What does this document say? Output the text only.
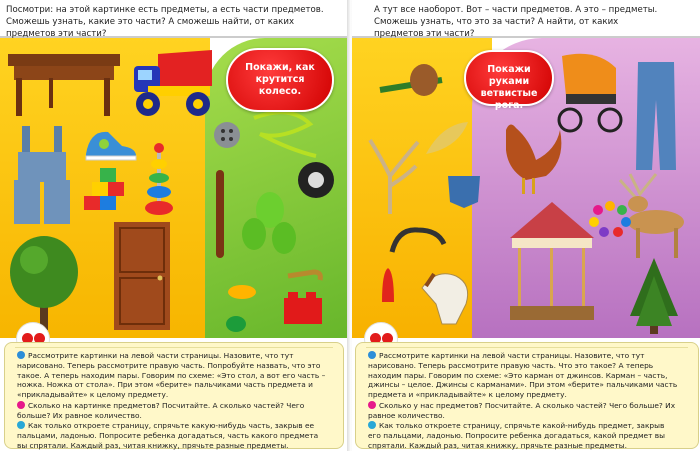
Посмотри: на этой картинке есть предметы, а есть части предметов. Сможешь узнать, какие это части? А сможешь найти, от каких предметов эти части?

Покажи, как крутится колесо.

Рассмотрите картинки на левой части страницы. Назовите, что тут нарисовано. Теперь рассмотрите правую часть. Попробуйте назвать, что это такое. А теперь находим пары. Говорим по схеме: «Это стол, а вот его часть – ножка. Ножка от стола». При этом «берите» пальчиками часть предмета и «прикладывайте» к целому предмету.

Сколько на картинке предметов? Посчитайте. А сколько частей? Чего больше? Их равное количество.

Как только откроете страницу, спрячьте какую-нибудь часть, закрыв ее пальцами, ладонью. Попросите ребенка догадаться, часть какого предмета вы спрятали. Каждый раз, читая книжку, прячьте разные предметы.

А тут все наоборот. Вот – части предметов. А это – предметы. Сможешь узнать, что это за части? А найти, от каких предметов эти части?

Покажи руками ветвистые рога.

Рассмотрите картинки на левой части страницы. Назовите, что тут нарисовано. Теперь рассмотрите правую часть. Что это такое? А теперь находим пары. Говорим по схеме: «Это карман от джинсов. Карман – часть, джинсы – целое. Джинсы с карманами». При этом «берите» пальчиками часть предмета и «прикладывайте» к целому предмету.

Сколько у нас предметов? Посчитайте. А сколько частей? Чего больше? Их равное количество.

Как только откроете страницу, спрячьте какой-нибудь предмет, закрыв его пальцами, ладонью. Попросите ребенка догадаться, какой предмет вы спрятали. Каждый раз, читая книжку, прячьте разные предметы.
